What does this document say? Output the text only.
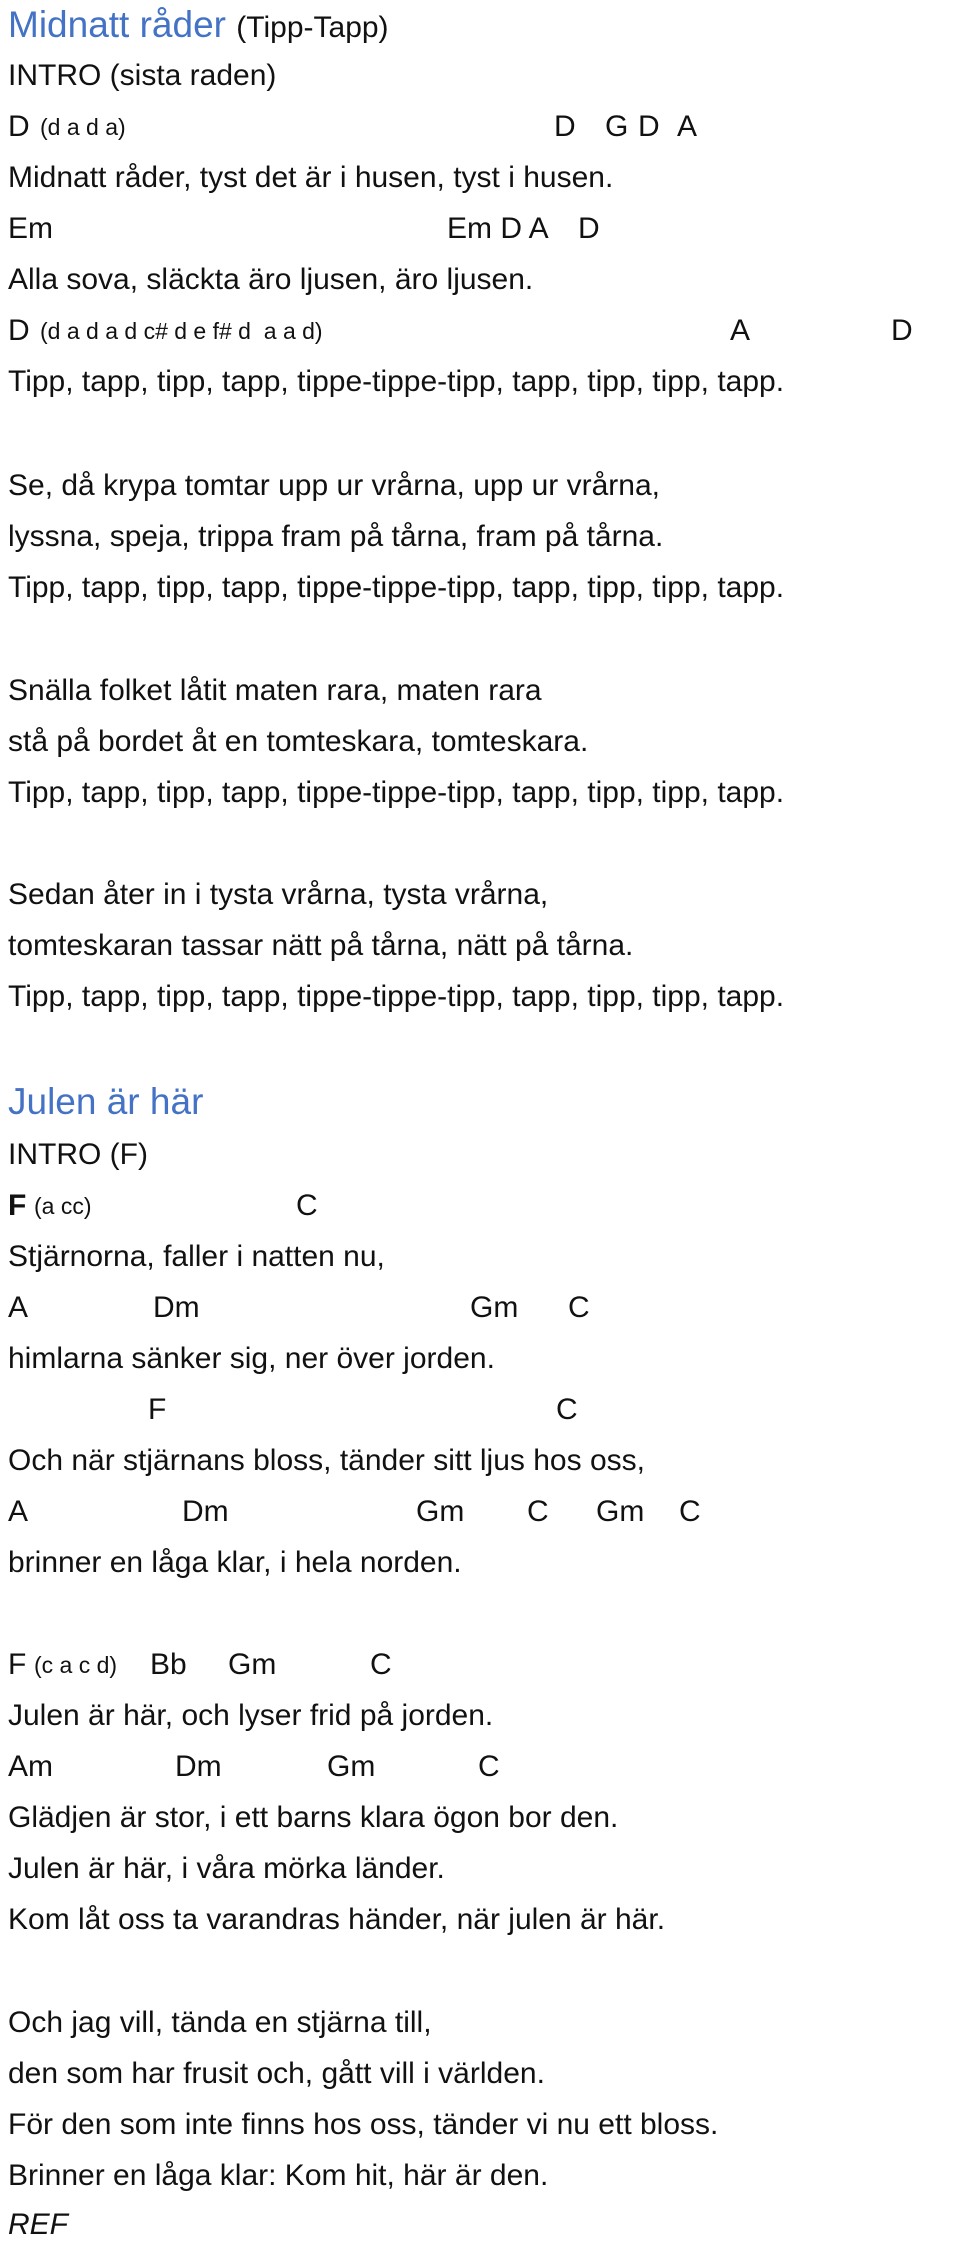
Midnatt råder (Tipp-Tapp)
INTRO (sista raden)
D (d a d a)	D G D A
Midnatt råder, tyst det är i husen, tyst i husen.
Em	Em D A D
Alla sova, släckta äro ljusen, äro ljusen.
D (d a d a d c# d e f# d  a a d)	A	D
Tipp, tapp, tipp, tapp, tippe-tippe-tipp, tapp, tipp, tipp, tapp.
Se, då krypa tomtar upp ur vrårna, upp ur vrårna,
lyssna, speja, trippa fram på tårna, fram på tårna.
Tipp, tapp, tipp, tapp, tippe-tippe-tipp, tapp, tipp, tipp, tapp.
Snälla folket låtit maten rara, maten rara
stå på bordet åt en tomteskara, tomteskara.
Tipp, tapp, tipp, tapp, tippe-tippe-tipp, tapp, tipp, tipp, tapp.
Sedan åter in i tysta vrårna, tysta vrårna,
tomteskaran tassar nätt på tårna, nätt på tårna.
Tipp, tapp, tipp, tapp, tippe-tippe-tipp, tapp, tipp, tipp, tapp.
Julen är här
INTRO (F)
F (a cc)	C
Stjärnorna, faller i natten nu,
A	Dm	Gm C
himlarna sänker sig, ner över jorden.
F	C
Och när stjärnans bloss, tänder sitt ljus hos oss,
A	Dm	Gm C Gm C
brinner en låga klar, i hela norden.
F (c a c d) Bb Gm	C
Julen är här, och lyser frid på jorden.
Am	Dm	Gm	C
Glädjen är stor, i ett barns klara ögon bor den.
Julen är här, i våra mörka länder.
Kom låt oss ta varandras händer, när julen är här.
Och jag vill, tända en stjärna till,
den som har frusit och, gått vill i världen.
För den som inte finns hos oss, tänder vi nu ett bloss.
Brinner en låga klar: Kom hit, här är den.
REF
